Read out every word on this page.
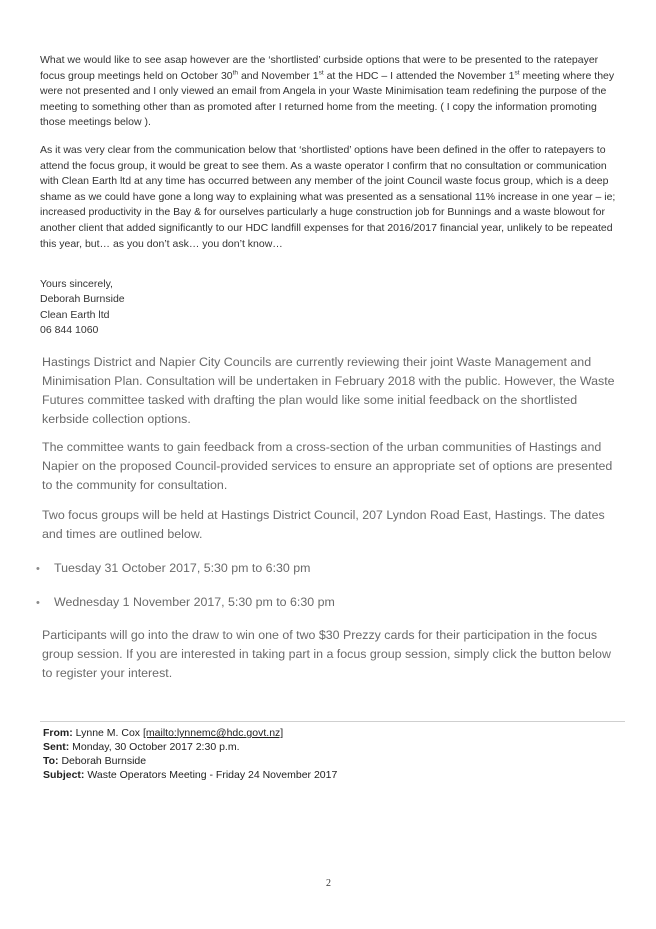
What we would like to see asap however are the ‘shortlisted’ curbside options that were to be presented to the ratepayer focus group meetings held on October 30th and November 1st at the HDC – I attended the November 1st meeting where they were not presented and I only viewed an email from Angela in your Waste Minimisation team redefining the purpose of the meeting to something other than as promoted after I returned home from the meeting. ( I copy the information promoting those meetings below ).

As it was very clear from the communication below that ‘shortlisted’ options have been defined in the offer to ratepayers to attend the focus group, it would be great to see them. As a waste operator I confirm that no consultation or communication with Clean Earth ltd at any time has occurred between any member of the joint Council waste focus group, which is a deep shame as we could have gone a long way to explaining what was presented as a sensational 11% increase in one year – ie; increased productivity in the Bay & for ourselves particularly a huge construction job for Bunnings and a waste blowout for another client that added significantly to our HDC landfill expenses for that 2016/2017 financial year, unlikely to be repeated this year, but… as you don’t ask… you don’t know…

Yours sincerely,
Deborah Burnside
Clean Earth ltd
06 844 1060

Hastings District and Napier City Councils are currently reviewing their joint Waste Management and Minimisation Plan. Consultation will be undertaken in February 2018 with the public. However, the Waste Futures committee tasked with drafting the plan would like some initial feedback on the shortlisted kerbside collection options.

The committee wants to gain feedback from a cross-section of the urban communities of Hastings and Napier on the proposed Council-provided services to ensure an appropriate set of options are presented to the community for consultation.

Two focus groups will be held at Hastings District Council, 207 Lyndon Road East, Hastings. The dates and times are outlined below.

• Tuesday 31 October 2017, 5:30 pm to 6:30 pm
• Wednesday 1 November 2017, 5:30 pm to 6:30 pm

Participants will go into the draw to win one of two $30 Prezzy cards for their participation in the focus group session. If you are interested in taking part in a focus group session, simply click the button below to register your interest.

From: Lynne M. Cox [mailto:lynnemc@hdc.govt.nz]
Sent: Monday, 30 October 2017 2:30 p.m.
To: Deborah Burnside
Subject: Waste Operators Meeting - Friday 24 November 2017
2
